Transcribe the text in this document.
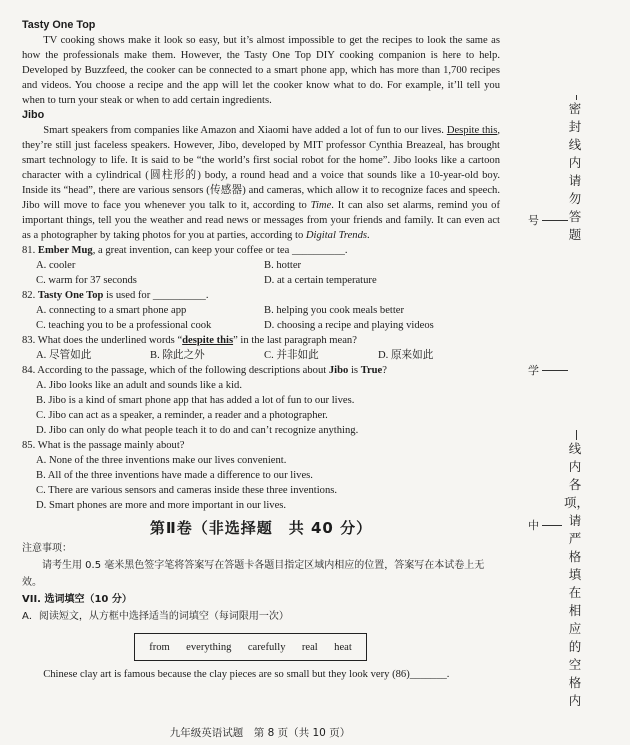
Tasty One Top

TV cooking shows make it look so easy, but it’s almost impossible to get the recipes to look the same as how the professionals make them. However, the Tasty One Top DIY cooking companion is here to help. Developed by Buzzfeed, the cooker can be connected to a smart phone app, which has more than 1,700 recipes and videos. You choose a recipe and the app will let the cooker know what to do. For example, it’ll tell you when to turn your steak or when to add certain ingredients.

Jibo

Smart speakers from companies like Amazon and Xiaomi have added a lot of fun to our lives. Despite this, they’re still just faceless speakers. However, Jibo, developed by MIT professor Cynthia Breazeal, has brought smart technology to life. It is said to be “the world’s first social robot for the home”. Jibo looks like a cartoon character with a cylindrical (圆柱形的) body, a round head and a voice that sounds like a 10-year-old boy. Inside its “head”, there are various sensors (传感器) and cameras, which allow it to recognize faces and speech. Jibo will move to face you whenever you talk to it, according to Time. It can also set alarms, remind you of important things, tell you the weather and read news or messages from your friends and family. It can even act as a photographer by taking photos for you at parties, according to Digital Trends.

81. Ember Mug, a great invention, can keep your coffee or tea __________.

A. cooler	B. hotter
C. warm for 37 seconds	D. at a certain temperature

82. Tasty One Top is used for __________.

A. connecting to a smart phone app	B. helping you cook meals better
C. teaching you to be a professional cook	D. choosing a recipe and playing videos

83. What does the underlined words “despite this” in the last paragraph mean?

A. 尽管如此	B. 除此之外	C. 并非如此	D. 原来如此

84. According to the passage, which of the following descriptions about Jibo is True?

A. Jibo looks like an adult and sounds like a kid.

B. Jibo is a kind of smart phone app that has added a lot of fun to our lives.

C. Jibo can act as a speaker, a reminder, a reader and a photographer.

D. Jibo can only do what people teach it to do and can’t recognize anything.

85. What is the passage mainly about?

A. None of the three inventions make our lives convenient.

B. All of the three inventions have made a difference to our lives.

C. There are various sensors and cameras inside these three inventions.

D. Smart phones are more and more important in our lives.

第Ⅱ卷（非选择题　共 40 分）

注意事项：

请考生用 0.5 毫米黑色签字笔将答案写在答题卡各题目指定区域内相应的位置，答案写在本试卷上无效。

VII. 选词填空（10 分）

A．阅读短文，从方框中选择适当的词填空（每词限用一次）

from everything carefully real heat

Chinese clay art is famous because the clay pieces are so small but they look very (86)_______.

九年级英语试题　第 8 页（共 10 页）
密封线内请勿答题
号
学
线内各项，请严格填在相应的空格内
中
